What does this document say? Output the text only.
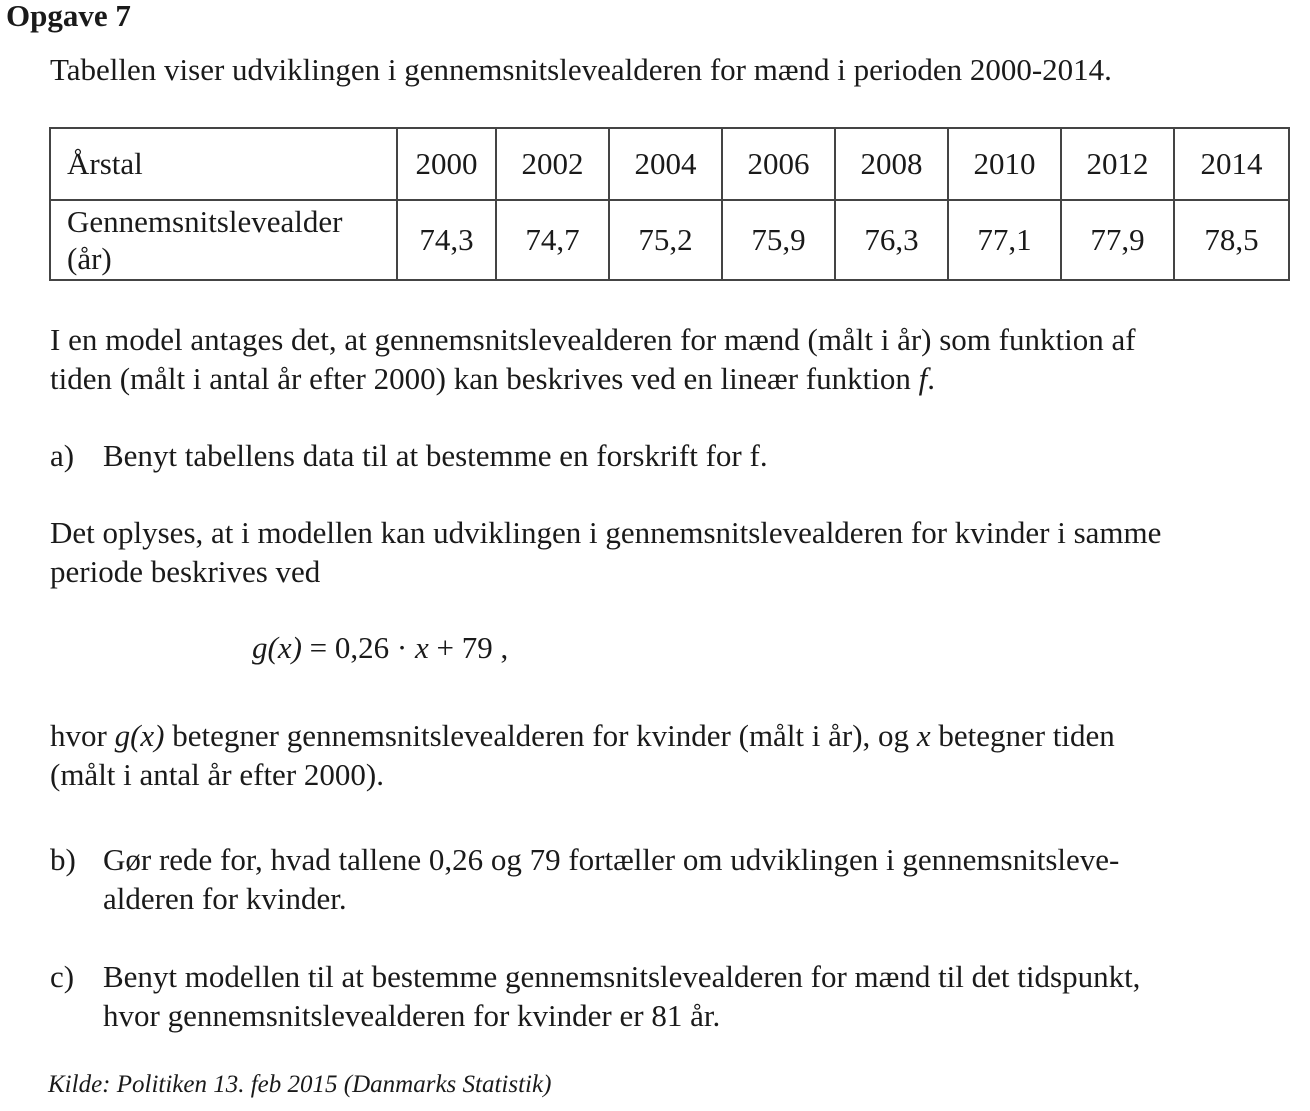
Opgave 7

Tabellen viser udviklingen i gennemsnitslevealderen for mænd i perioden 2000-2014.

Årstal	2000	2002	2004	2006	2008	2010	2012	2014
Gennemsnitslevealder
(år)	74,3	74,7	75,2	75,9	76,3	77,1	77,9	78,5

I en model antages det, at gennemsnitslevealderen for mænd (målt i år) som funktion af
tiden (målt i antal år efter 2000) kan beskrives ved en lineær funktion f.

a) Benyt tabellens data til at bestemme en forskrift for f.

Det oplyses, at i modellen kan udviklingen i gennemsnitslevealderen for kvinder i samme
periode beskrives ved

g(x) = 0,26 · x + 79 ,

hvor g(x) betegner gennemsnitslevealderen for kvinder (målt i år), og x betegner tiden
(målt i antal år efter 2000).

b) Gør rede for, hvad tallene 0,26 og 79 fortæller om udviklingen i gennemsnitsleve-
alderen for kvinder.
c) Benyt modellen til at bestemme gennemsnitslevealderen for mænd til det tidspunkt,
hvor gennemsnitslevealderen for kvinder er 81 år.

Kilde: Politiken 13. feb 2015 (Danmarks Statistik)
